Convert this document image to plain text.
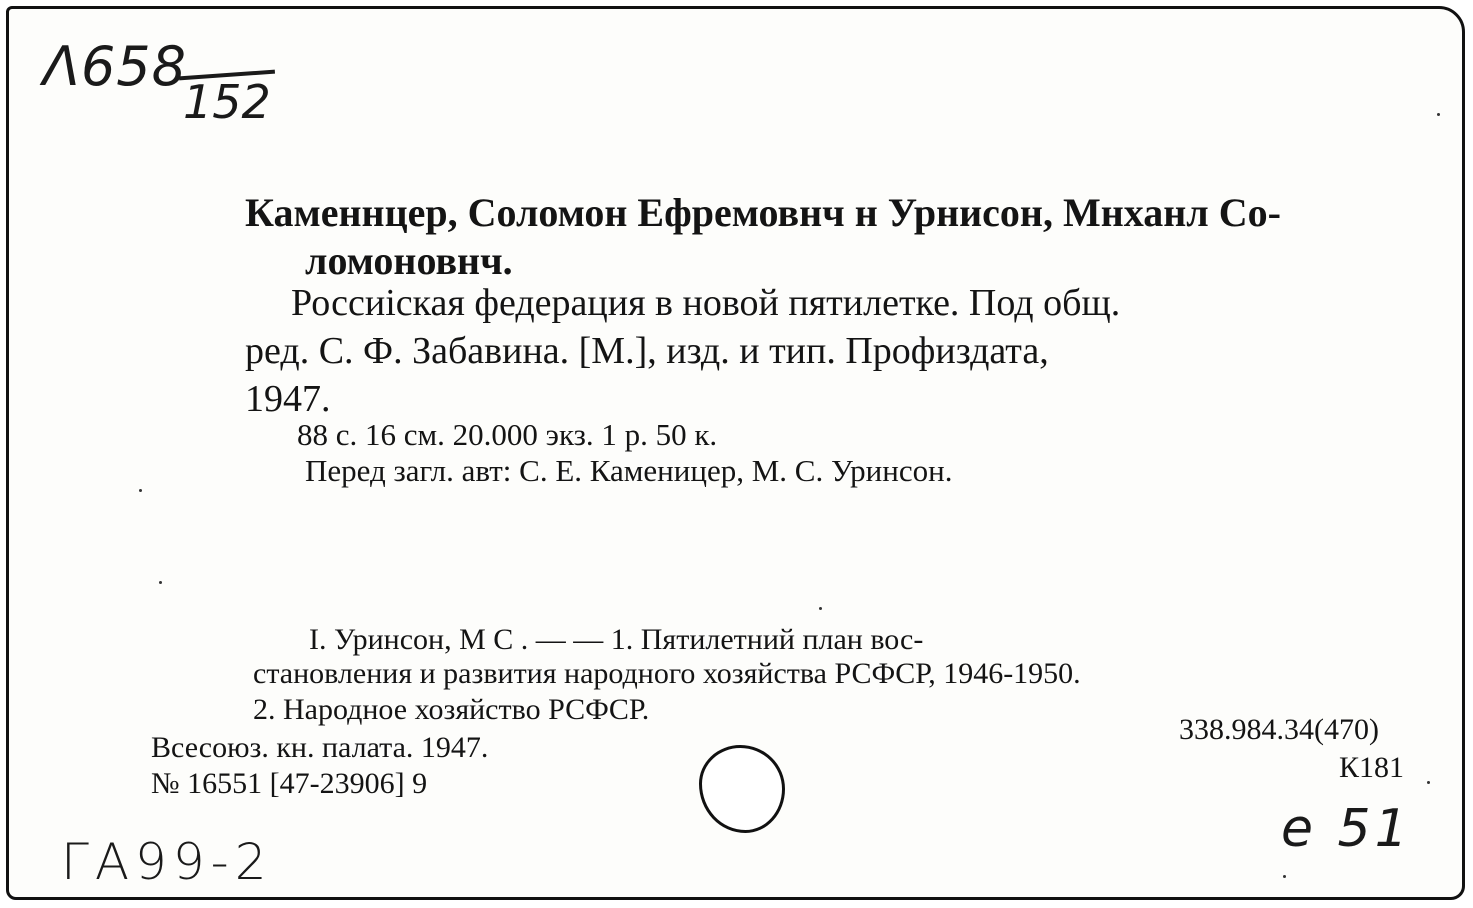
Λ658
152
Каменнцер, Соломон Ефремовнч н Урнисон, Мнханл Со-
ломоновнч.
Россиіская федерация в новой пятилетке. Под общ.
ред. С. Ф. Забавина. [М.], изд. и тип. Профиздата,
1947.
88 с. 16 см. 20.000 экз. 1 р. 50 к.
Перед загл. авт: С. Е. Каменицер, М. С. Уринсон.
I. Уринсон, М С . — — 1. Пятилетний план вос-
становления и развития народного хозяйства РСФСР, 1946-1950.
2. Народное хозяйство РСФСР.
Всесоюз. кн. палата. 1947.
№ 16551 [47-23906] 9
338.984.34(470)
К181
ГА99-2
е 51
